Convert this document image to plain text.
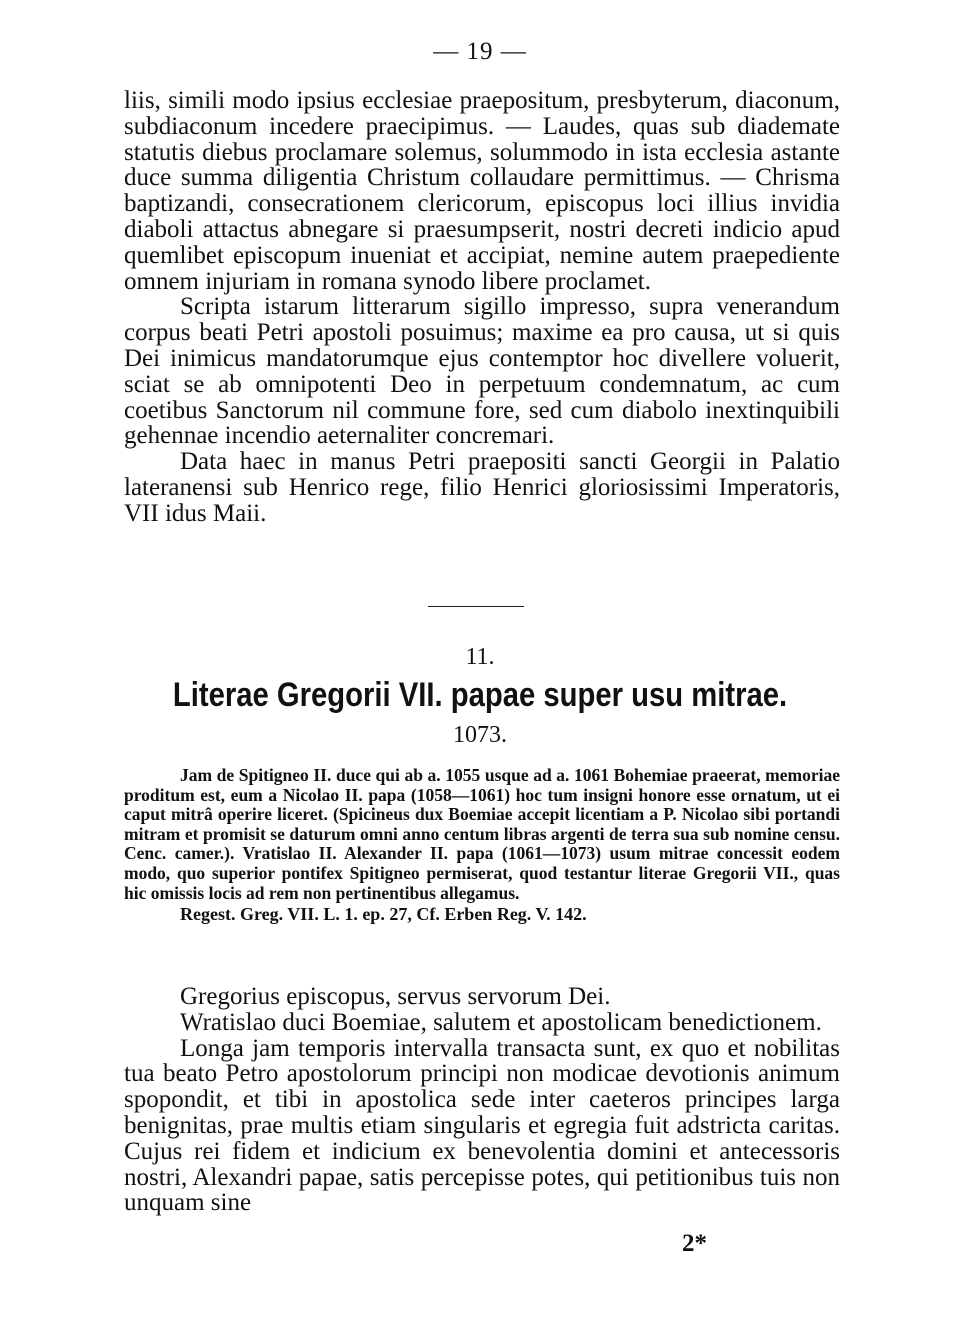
— 19 —

liis, simili modo ipsius ecclesiae praepositum, presbyterum, diaconum, subdiaconum incedere praecipimus. — Laudes, quas sub diademate statutis diebus proclamare solemus, solummodo in ista ecclesia astante duce summa diligentia Christum collaudare permittimus. — Chrisma baptizandi, consecrationem clericorum, episcopus loci illius invidia diaboli attactus abnegare si praesumpserit, nostri decreti indicio apud quemlibet episcopum inueniat et accipiat, nemine autem praepediente omnem injuriam in romana synodo libere proclamet.

Scripta istarum litterarum sigillo impresso, supra venerandum corpus beati Petri apostoli posuimus; maxime ea pro causa, ut si quis Dei inimicus mandatorumque ejus contemptor hoc divellere voluerit, sciat se ab omnipotenti Deo in perpetuum condemnatum, ac cum coetibus Sanctorum nil commune fore, sed cum diabolo inextinquibili gehennae incendio aeternaliter concremari.

Data haec in manus Petri praepositi sancti Georgii in Palatio lateranensi sub Henrico rege, filio Henrici gloriosissimi Imperatoris, VII idus Maii.

11.
Literae Gregorii VII. papae super usu mitrae.
1073.

Jam de Spitigneo II. duce qui ab a. 1055 usque ad a. 1061 Bohemiae praeerat, memoriae proditum est, eum a Nicolao II. papa (1058—1061) hoc tum insigni honore esse ornatum, ut ei caput mitrâ operire liceret. (Spicineus dux Boemiae accepit licentiam a P. Nicolao sibi portandi mitram et promisit se daturum omni anno centum libras argenti de terra sua sub nomine censu. Cenc. camer.). Vratislao II. Alexander II. papa (1061—1073) usum mitrae concessit eodem modo, quo superior pontifex Spitigneo permiserat, quod testantur literae Gregorii VII., quas hic omissis locis ad rem non pertinentibus allegamus.

Regest. Greg. VII. L. 1. ep. 27, Cf. Erben Reg. V. 142.

Gregorius episcopus, servus servorum Dei.

Wratislao duci Boemiae, salutem et apostolicam benedictionem.

Longa jam temporis intervalla transacta sunt, ex quo et nobilitas tua beato Petro apostolorum principi non modicae devotionis animum spopondit, et tibi in apostolica sede inter caeteros principes larga benignitas, prae multis etiam singularis et egregia fuit adstricta caritas. Cujus rei fidem et indicium ex benevolentia domini et antecessoris nostri, Alexandri papae, satis percepisse potes, qui petitionibus tuis non unquam sine

2*
